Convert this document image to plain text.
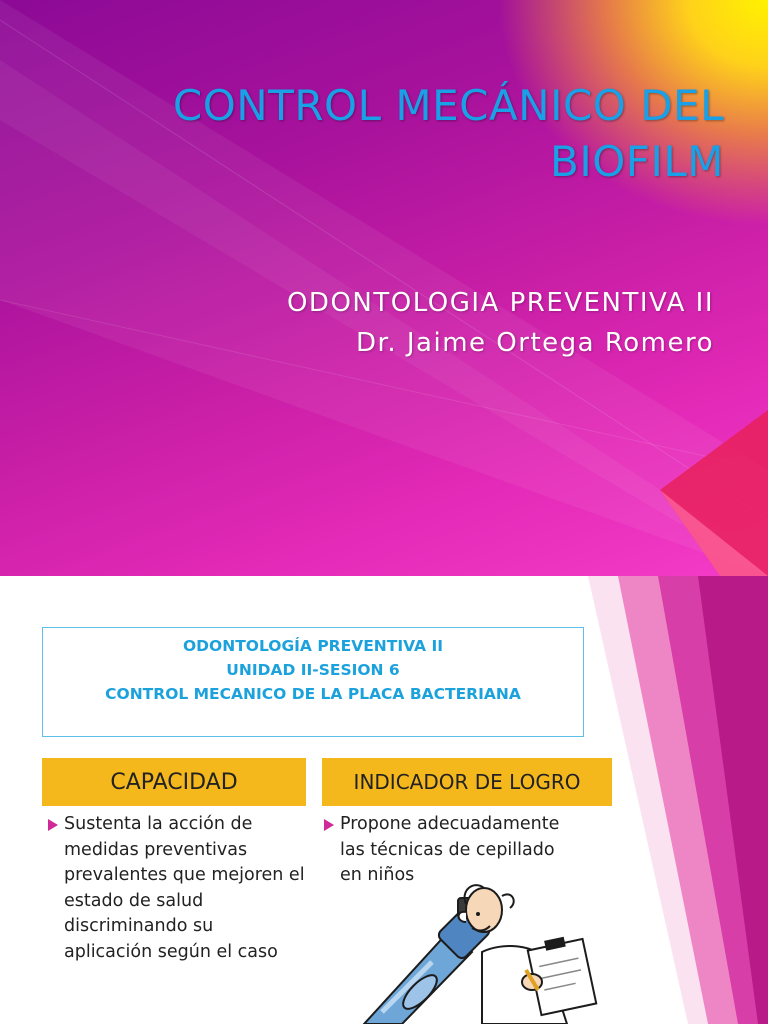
CONTROL MECÁNICO DEL BIOFILM

ODONTOLOGIA PREVENTIVA II

Dr. Jaime Ortega Romero

ODONTOLOGÍA PREVENTIVA II
UNIDAD II-SESION 6
CONTROL MECANICO DE LA PLACA BACTERIANA
CAPACIDAD	INDICADOR DE LOGRO
Sustenta la acción de medidas preventivas prevalentes que mejoren el estado de salud discriminando su aplicación según el caso
Propone adecuadamente las técnicas de cepillado en niños
